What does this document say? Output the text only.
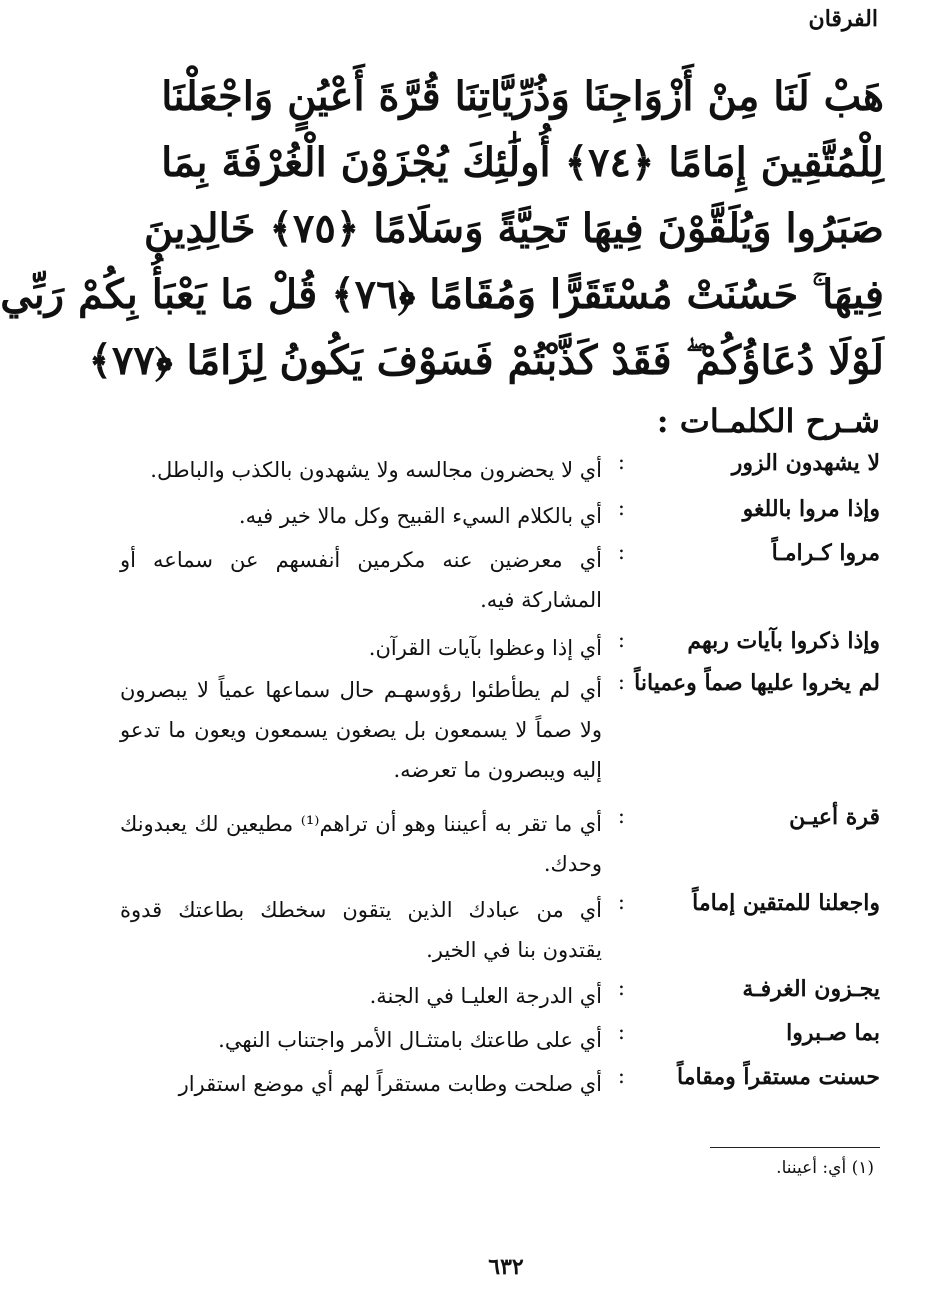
الفرقان
هَبْ لَنَا مِنْ أَزْوَاجِنَا وَذُرِّيَّاتِنَا قُرَّةَ أَعْيُنٍ وَاجْعَلْنَا
لِلْمُتَّقِينَ إِمَامًا ﴿٧٤﴾ أُولَٰئِكَ يُجْزَوْنَ الْغُرْفَةَ بِمَا
صَبَرُوا وَيُلَقَّوْنَ فِيهَا تَحِيَّةً وَسَلَامًا ﴿٧٥﴾ خَالِدِينَ
فِيهَا ۚ حَسُنَتْ مُسْتَقَرًّا وَمُقَامًا ﴿٧٦﴾ قُلْ مَا يَعْبَأُ بِكُمْ رَبِّي
لَوْلَا دُعَاؤُكُمْ ۖ فَقَدْ كَذَّبْتُمْ فَسَوْفَ يَكُونُ لِزَامًا ﴿٧٧﴾
شـرح الكلمـات :
لا يشهدون الزور
:
أي لا يحضرون مجالسه ولا يشهدون بالكذب والباطل.
وإذا مروا باللغو
:
أي بالكلام السيء القبيح وكل مالا خير فيه.
مروا كـرامـاً
:
أي معرضين عنه مكرمين أنفسهم عن سماعه أو المشاركة فيه.
وإذا ذكروا بآيات ربهم
:
أي إذا وعظوا بآيات القرآن.
لم يخروا عليها صماً وعمياناً
:
أي لم يطأطئوا رؤوسهـم حال سماعها عمياً لا يبصرون ولا صماً لا يسمعون بل يصغون يسمعون ويعون ما تدعو إليه ويبصرون ما تعرضه.
قرة أعيـن
:
أي ما تقر به أعيننا وهو أن تراهم⁽¹⁾ مطيعين لك يعبدونك وحدك.
واجعلنا للمتقين إماماً
:
أي من عبادك الذين يتقون سخطك بطاعتك قدوة يقتدون بنا في الخير.
يجـزون الغرفـة
:
أي الدرجة العليـا في الجنة.
بما صـبروا
:
أي على طاعتك بامتثـال الأمر واجتناب النهي.
حسنت مستقراً ومقاماً
:
أي صلحت وطابت مستقراً لهم أي موضع استقرار
(١) أي: أعيننا.
٦٣٢
